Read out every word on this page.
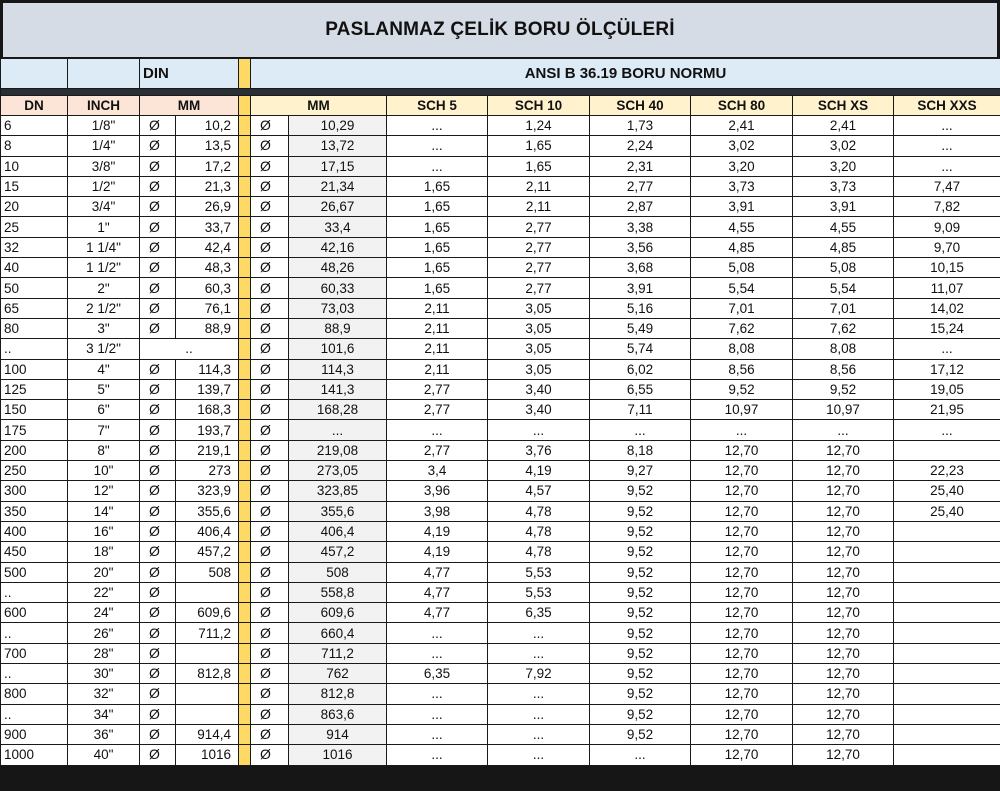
PASLANMAZ ÇELİK BORU ÖLÇÜLERİ
		DIN			ANSI B 36.19 BORU NORMU							

DN	INCH	MM			MM		SCH 5	SCH 10	SCH 40	SCH 80	SCH XS	SCH XXS
6	1/8"	Ø	10,2		Ø	10,29	...	1,24	1,73	2,41	2,41	...
8	1/4"	Ø	13,5		Ø	13,72	...	1,65	2,24	3,02	3,02	...
10	3/8"	Ø	17,2		Ø	17,15	...	1,65	2,31	3,20	3,20	...
15	1/2"	Ø	21,3		Ø	21,34	1,65	2,11	2,77	3,73	3,73	7,47
20	3/4"	Ø	26,9		Ø	26,67	1,65	2,11	2,87	3,91	3,91	7,82
25	1"	Ø	33,7		Ø	33,4	1,65	2,77	3,38	4,55	4,55	9,09
32	1 1/4"	Ø	42,4		Ø	42,16	1,65	2,77	3,56	4,85	4,85	9,70
40	1 1/2"	Ø	48,3		Ø	48,26	1,65	2,77	3,68	5,08	5,08	10,15
50	2"	Ø	60,3		Ø	60,33	1,65	2,77	3,91	5,54	5,54	11,07
65	2 1/2"	Ø	76,1		Ø	73,03	2,11	3,05	5,16	7,01	7,01	14,02
80	3"	Ø	88,9		Ø	88,9	2,11	3,05	5,49	7,62	7,62	15,24
..	3 1/2"	..			Ø	101,6	2,11	3,05	5,74	8,08	8,08	...
100	4"	Ø	114,3		Ø	114,3	2,11	3,05	6,02	8,56	8,56	17,12
125	5"	Ø	139,7		Ø	141,3	2,77	3,40	6,55	9,52	9,52	19,05
150	6"	Ø	168,3		Ø	168,28	2,77	3,40	7,11	10,97	10,97	21,95
175	7"	Ø	193,7		Ø	...	...	...	...	...	...	...
200	8"	Ø	219,1		Ø	219,08	2,77	3,76	8,18	12,70	12,70	
250	10"	Ø	273		Ø	273,05	3,4	4,19	9,27	12,70	12,70	22,23
300	12"	Ø	323,9		Ø	323,85	3,96	4,57	9,52	12,70	12,70	25,40
350	14"	Ø	355,6		Ø	355,6	3,98	4,78	9,52	12,70	12,70	25,40
400	16"	Ø	406,4		Ø	406,4	4,19	4,78	9,52	12,70	12,70	
450	18"	Ø	457,2		Ø	457,2	4,19	4,78	9,52	12,70	12,70	
500	20"	Ø	508		Ø	508	4,77	5,53	9,52	12,70	12,70	
..	22"	Ø			Ø	558,8	4,77	5,53	9,52	12,70	12,70	
600	24"	Ø	609,6		Ø	609,6	4,77	6,35	9,52	12,70	12,70	
..	26"	Ø	711,2		Ø	660,4	...	...	9,52	12,70	12,70	
700	28"	Ø			Ø	711,2	...	...	9,52	12,70	12,70	
..	30"	Ø	812,8		Ø	762	6,35	7,92	9,52	12,70	12,70	
800	32"	Ø			Ø	812,8	...	...	9,52	12,70	12,70	
..	34"	Ø			Ø	863,6	...	...	9,52	12,70	12,70	
900	36"	Ø	914,4		Ø	914	...	...	9,52	12,70	12,70	
1000	40"	Ø	1016		Ø	1016	...	...	...	12,70	12,70	
